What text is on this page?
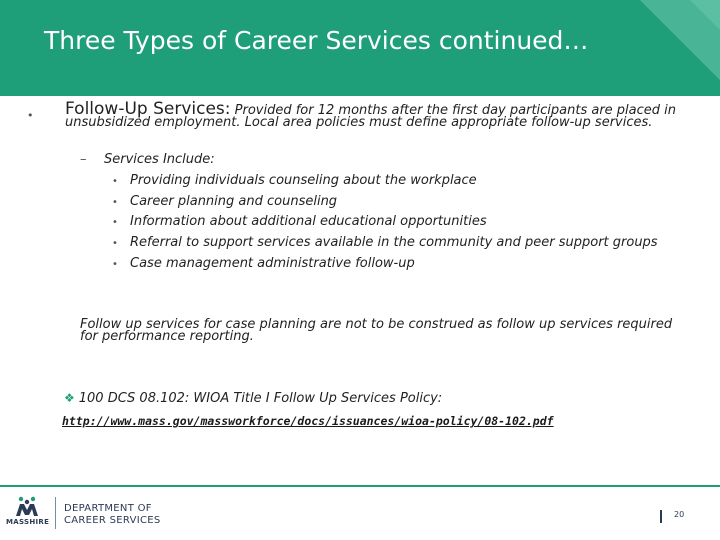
Three Types of Career Services continued…
• Follow-Up Services: Provided for 12 months after the first day participants are placed in unsubsidized employment. Local area policies must define appropriate follow-up services.
– Services Include:
• Providing individuals counseling about the workplace
• Career planning and counseling
• Information about additional educational opportunities
• Referral to support services available in the community and peer support groups
• Case management administrative follow-up
Follow up services for case planning are not to be construed as follow up services required for performance reporting.
❖ 100 DCS 08.102: WIOA Title I Follow Up Services Policy:
http://www.mass.gov/massworkforce/docs/issuances/wioa-policy/08-102.pdf
MASSHIRE
DEPARTMENT OF
CAREER SERVICES
20
